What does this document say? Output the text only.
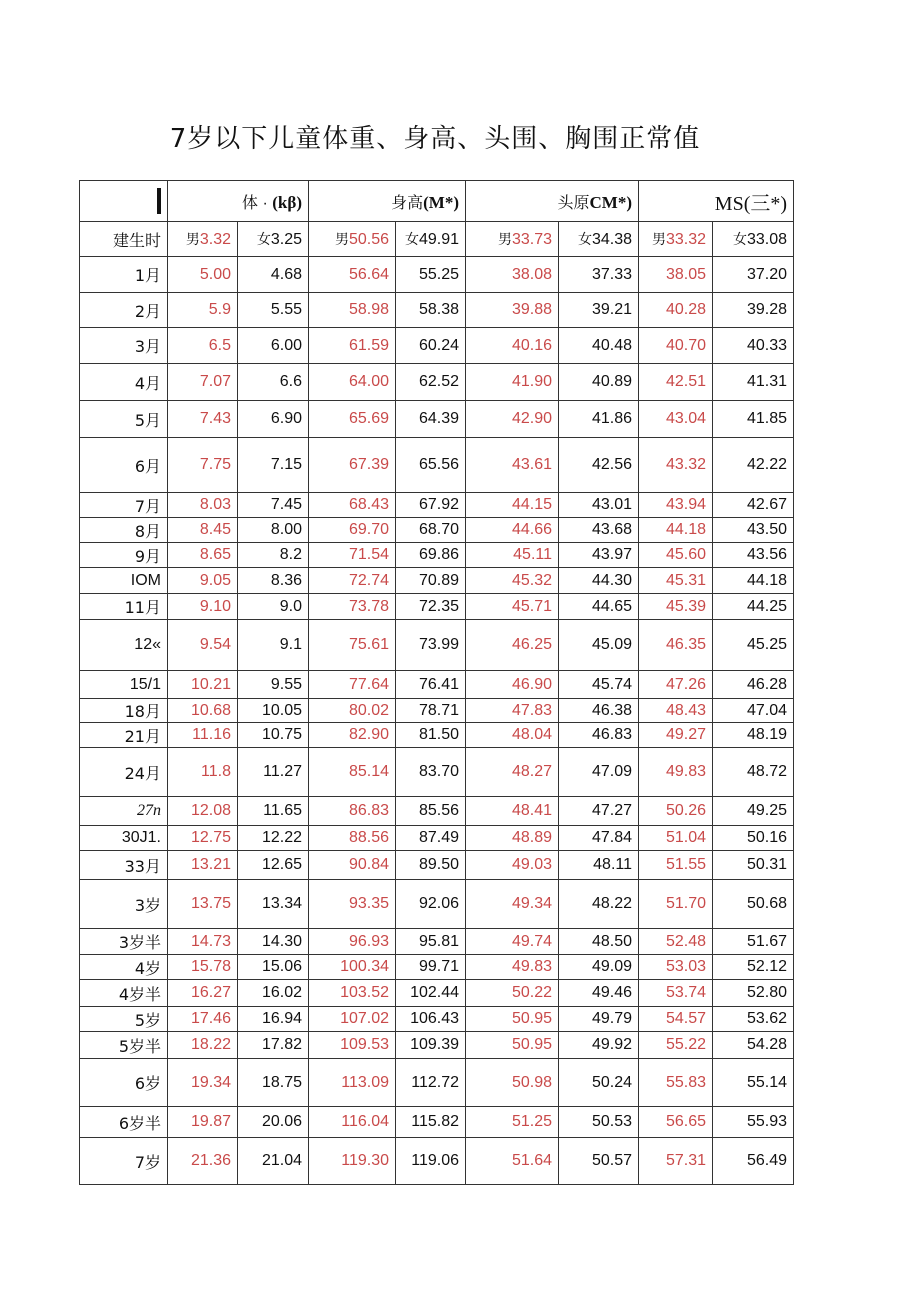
7岁以下儿童体重、身高、头围、胸围正常值
	体 · (kβ)		身高(M*)		头原CM*)		MS(三*)	
建生时	男3.32	女3.25	男50.56	女49.91	男33.73	女34.38	男33.32	女33.08
1月	5.00	4.68	56.64	55.25	38.08	37.33	38.05	37.20
2月	5.9	5.55	58.98	58.38	39.88	39.21	40.28	39.28
3月	6.5	6.00	61.59	60.24	40.16	40.48	40.70	40.33
4月	7.07	6.6	64.00	62.52	41.90	40.89	42.51	41.31
5月	7.43	6.90	65.69	64.39	42.90	41.86	43.04	41.85
6月	7.75	7.15	67.39	65.56	43.61	42.56	43.32	42.22
7月	8.03	7.45	68.43	67.92	44.15	43.01	43.94	42.67
8月	8.45	8.00	69.70	68.70	44.66	43.68	44.18	43.50
9月	8.65	8.2	71.54	69.86	45.11	43.97	45.60	43.56
IOM	9.05	8.36	72.74	70.89	45.32	44.30	45.31	44.18
11月	9.10	9.0	73.78	72.35	45.71	44.65	45.39	44.25
12«	9.54	9.1	75.61	73.99	46.25	45.09	46.35	45.25
15/1	10.21	9.55	77.64	76.41	46.90	45.74	47.26	46.28
18月	10.68	10.05	80.02	78.71	47.83	46.38	48.43	47.04
21月	11.16	10.75	82.90	81.50	48.04	46.83	49.27	48.19
24月	11.8	11.27	85.14	83.70	48.27	47.09	49.83	48.72
27n	12.08	11.65	86.83	85.56	48.41	47.27	50.26	49.25
30J1.	12.75	12.22	88.56	87.49	48.89	47.84	51.04	50.16
33月	13.21	12.65	90.84	89.50	49.03	48.11	51.55	50.31
3岁	13.75	13.34	93.35	92.06	49.34	48.22	51.70	50.68
3岁半	14.73	14.30	96.93	95.81	49.74	48.50	52.48	51.67
4岁	15.78	15.06	100.34	99.71	49.83	49.09	53.03	52.12
4岁半	16.27	16.02	103.52	102.44	50.22	49.46	53.74	52.80
5岁	17.46	16.94	107.02	106.43	50.95	49.79	54.57	53.62
5岁半	18.22	17.82	109.53	109.39	50.95	49.92	55.22	54.28
6岁	19.34	18.75	113.09	112.72	50.98	50.24	55.83	55.14
6岁半	19.87	20.06	116.04	115.82	51.25	50.53	56.65	55.93
7岁	21.36	21.04	119.30	119.06	51.64	50.57	57.31	56.49
